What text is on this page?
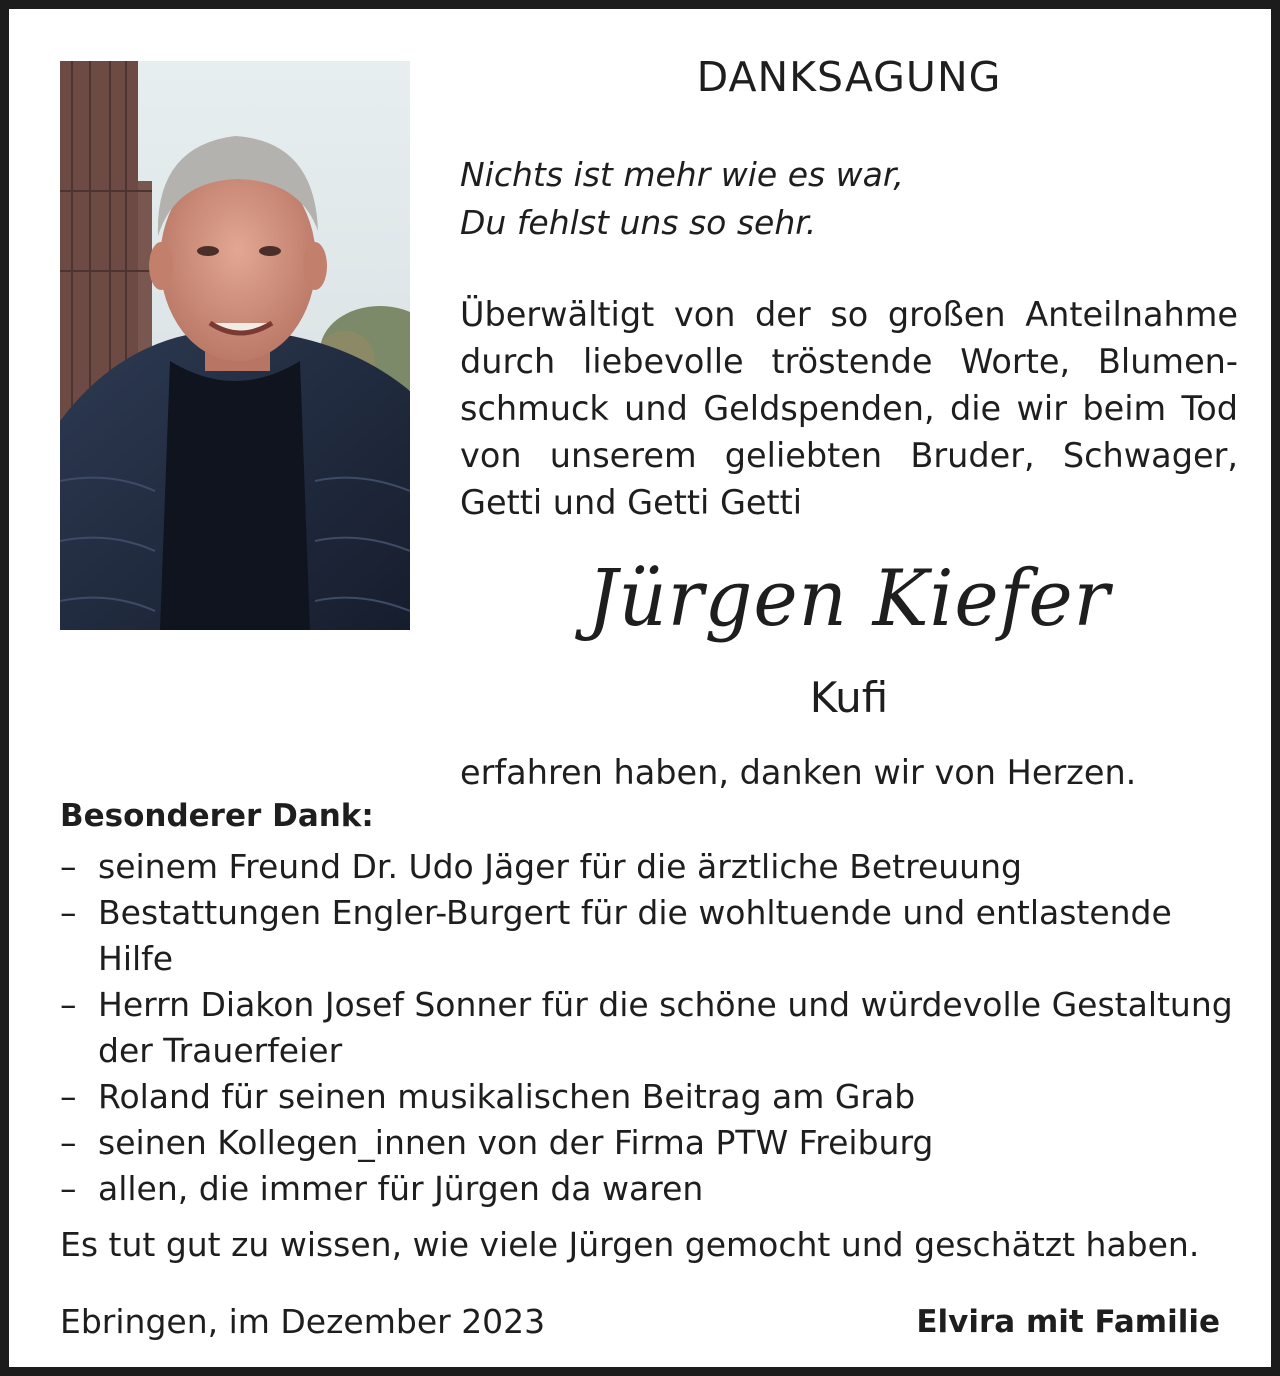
DANKSAGUNG
Nichts ist mehr wie es war,
Du fehlst uns so sehr.
Überwältigt von der so großen Anteilnahme durch liebevolle tröstende Worte, Blumen-schmuck und Geldspenden, die wir beim Tod von unserem geliebten Bruder, Schwager, Getti und Getti Getti
Jürgen Kiefer
Kufi
erfahren haben, danken wir von Herzen.
Besonderer Dank:
– seinem Freund Dr. Udo Jäger für die ärztliche Betreuung
– Bestattungen Engler-Burgert für die wohltuende und entlastende Hilfe
– Herrn Diakon Josef Sonner für die schöne und würdevolle Gestaltung der Trauerfeier
– Roland für seinen musikalischen Beitrag am Grab
– seinen Kollegen_innen von der Firma PTW Freiburg
– allen, die immer für Jürgen da waren
Es tut gut zu wissen, wie viele Jürgen gemocht und geschätzt haben.
Ebringen, im Dezember 2023	Elvira mit Familie
